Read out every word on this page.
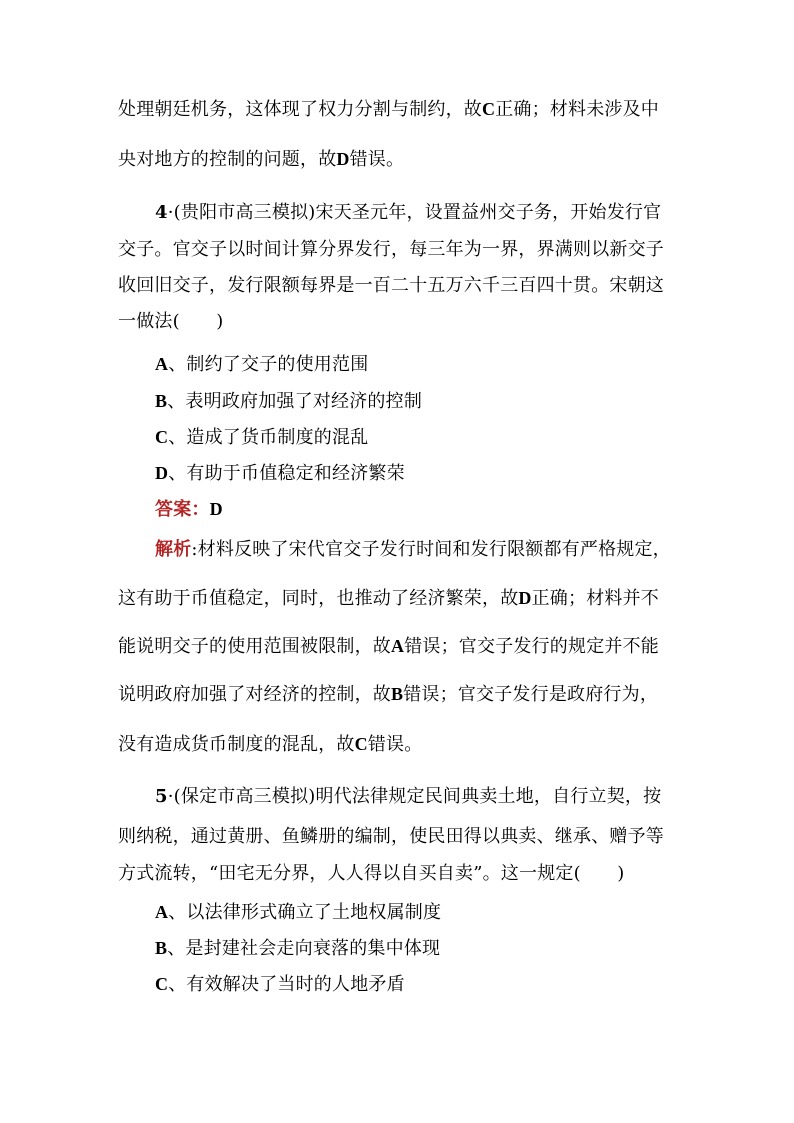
处理朝廷机务，这体现了权力分割与制约，故C正确；材料未涉及中
央对地方的控制的问题，故D错误。
4·(贵阳市高三模拟)宋天圣元年，设置益州交子务，开始发行官
交子。官交子以时间计算分界发行，每三年为一界，界满则以新交子
收回旧交子，发行限额每界是一百二十五万六千三百四十贯。宋朝这
一做法(　　)
A、制约了交子的使用范围
B、表明政府加强了对经济的控制
C、造成了货币制度的混乱
D、有助于币值稳定和经济繁荣
答案：D
解析:材料反映了宋代官交子发行时间和发行限额都有严格规定，
这有助于币值稳定，同时，也推动了经济繁荣，故D正确；材料并不
能说明交子的使用范围被限制，故A错误；官交子发行的规定并不能
说明政府加强了对经济的控制，故B错误；官交子发行是政府行为，
没有造成货币制度的混乱，故C错误。
5·(保定市高三模拟)明代法律规定民间典卖土地，自行立契，按
则纳税，通过黄册、鱼鳞册的编制，使民田得以典卖、继承、赠予等
方式流转，“田宅无分界，人人得以自买自卖”。这一规定(　　)
A、以法律形式确立了土地权属制度
B、是封建社会走向衰落的集中体现
C、有效解决了当时的人地矛盾
